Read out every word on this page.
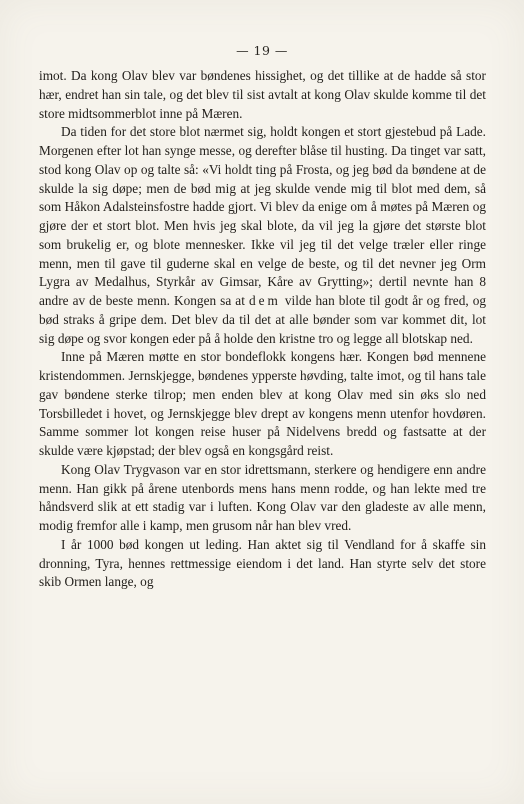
— 19 —

imot. Da kong Olav blev var bøndenes hissighet, og det tillike at de hadde så stor hær, endret han sin tale, og det blev til sist avtalt at kong Olav skulde komme til det store midtsommerblot inne på Mæren.

Da tiden for det store blot nærmet sig, holdt kongen et stort gjestebud på Lade. Morgenen efter lot han synge messe, og derefter blåse til husting. Da tinget var satt, stod kong Olav op og talte så: «Vi holdt ting på Frosta, og jeg bød da bøndene at de skulde la sig døpe; men de bød mig at jeg skulde vende mig til blot med dem, så som Håkon Adalsteinsfostre hadde gjort. Vi blev da enige om å møtes på Mæren og gjøre der et stort blot. Men hvis jeg skal blote, da vil jeg la gjøre det største blot som brukelig er, og blote mennesker. Ikke vil jeg til det velge træler eller ringe menn, men til gave til guderne skal en velge de beste, og til det nevner jeg Orm Lygra av Medalhus, Styrkår av Gimsar, Kåre av Grytting»; dertil nevnte han 8 andre av de beste menn. Kongen sa at dem vilde han blote til godt år og fred, og bød straks å gripe dem. Det blev da til det at alle bønder som var kommet dit, lot sig døpe og svor kongen eder på å holde den kristne tro og legge all blotskap ned.

Inne på Mæren møtte en stor bondeflokk kongens hær. Kongen bød mennene kristendommen. Jernskjegge, bøndenes ypperste høvding, talte imot, og til hans tale gav bøndene sterke tilrop; men enden blev at kong Olav med sin øks slo ned Torsbilledet i hovet, og Jernskjegge blev drept av kongens menn utenfor hovdøren. Samme sommer lot kongen reise huser på Nidelvens bredd og fastsatte at der skulde være kjøpstad; der blev også en kongsgård reist.

Kong Olav Trygvason var en stor idrettsmann, sterkere og hendigere enn andre menn. Han gikk på årene utenbords mens hans menn rodde, og han lekte med tre håndsverd slik at ett stadig var i luften. Kong Olav var den gladeste av alle menn, modig fremfor alle i kamp, men grusom når han blev vred.

I år 1000 bød kongen ut leding. Han aktet sig til Vendland for å skaffe sin dronning, Tyra, hennes rettmessige eiendom i det land. Han styrte selv det store skib Ormen lange, og
